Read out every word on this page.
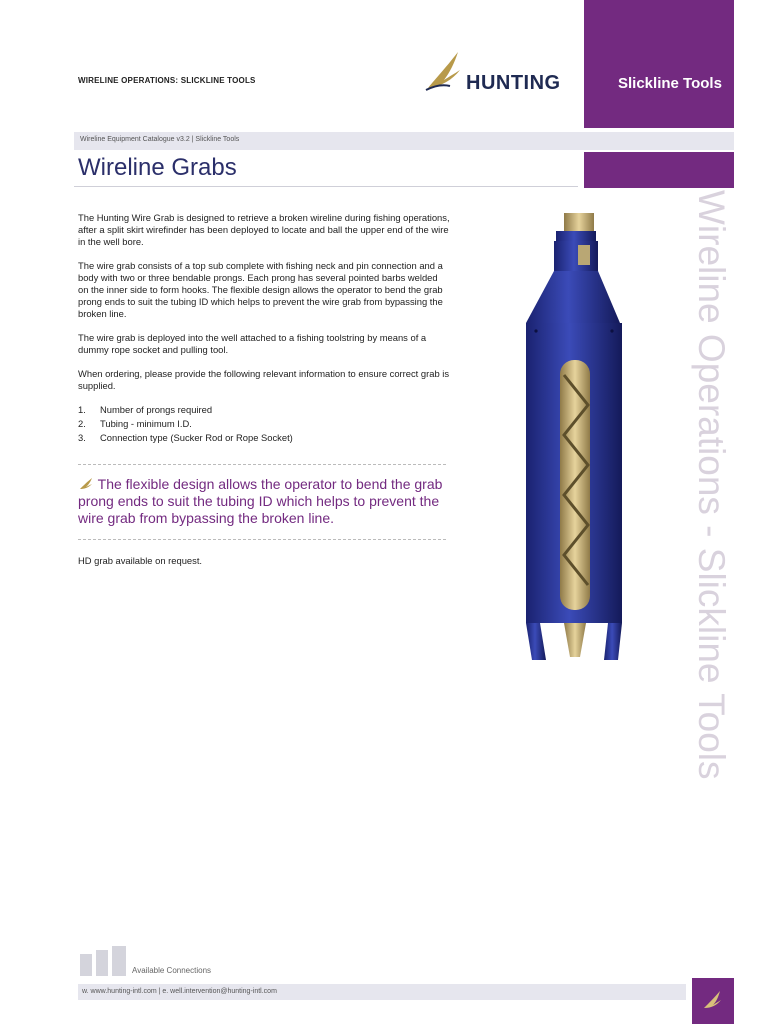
WIRELINE OPERATIONS: SLICKLINE TOOLS	HUNTING	Slickline Tools
Wireline Equipment Catalogue v3.2 | Slickline Tools
Wireline Grabs

The Hunting Wire Grab is designed to retrieve a broken wireline during fishing operations, after a split skirt wirefinder has been deployed to locate and ball the upper end of the wire in the well bore.

The wire grab consists of a top sub complete with fishing neck and pin connection and a body with two or three bendable prongs. Each prong has several pointed barbs welded on the inner side to form hooks. The flexible design allows the operator to bend the grab prong ends to suit the tubing ID which helps to prevent the wire grab from bypassing the broken line.

The wire grab is deployed into the well attached to a fishing toolstring by means of a dummy rope socket and pulling tool.

When ordering, please provide the following relevant information to ensure correct grab is supplied.

1.	Number of prongs required
2.	Tubing - minimum I.D.
3.	Connection type (Sucker Rod or Rope Socket)
The flexible design allows the operator to bend the grab prong ends to suit the tubing ID which helps to prevent the wire grab from bypassing the broken line.
HD grab available on request.	Wireline Operations - Slickline Tools
Available Connections
w. www.hunting-intl.com | e. well.intervention@hunting-intl.com
